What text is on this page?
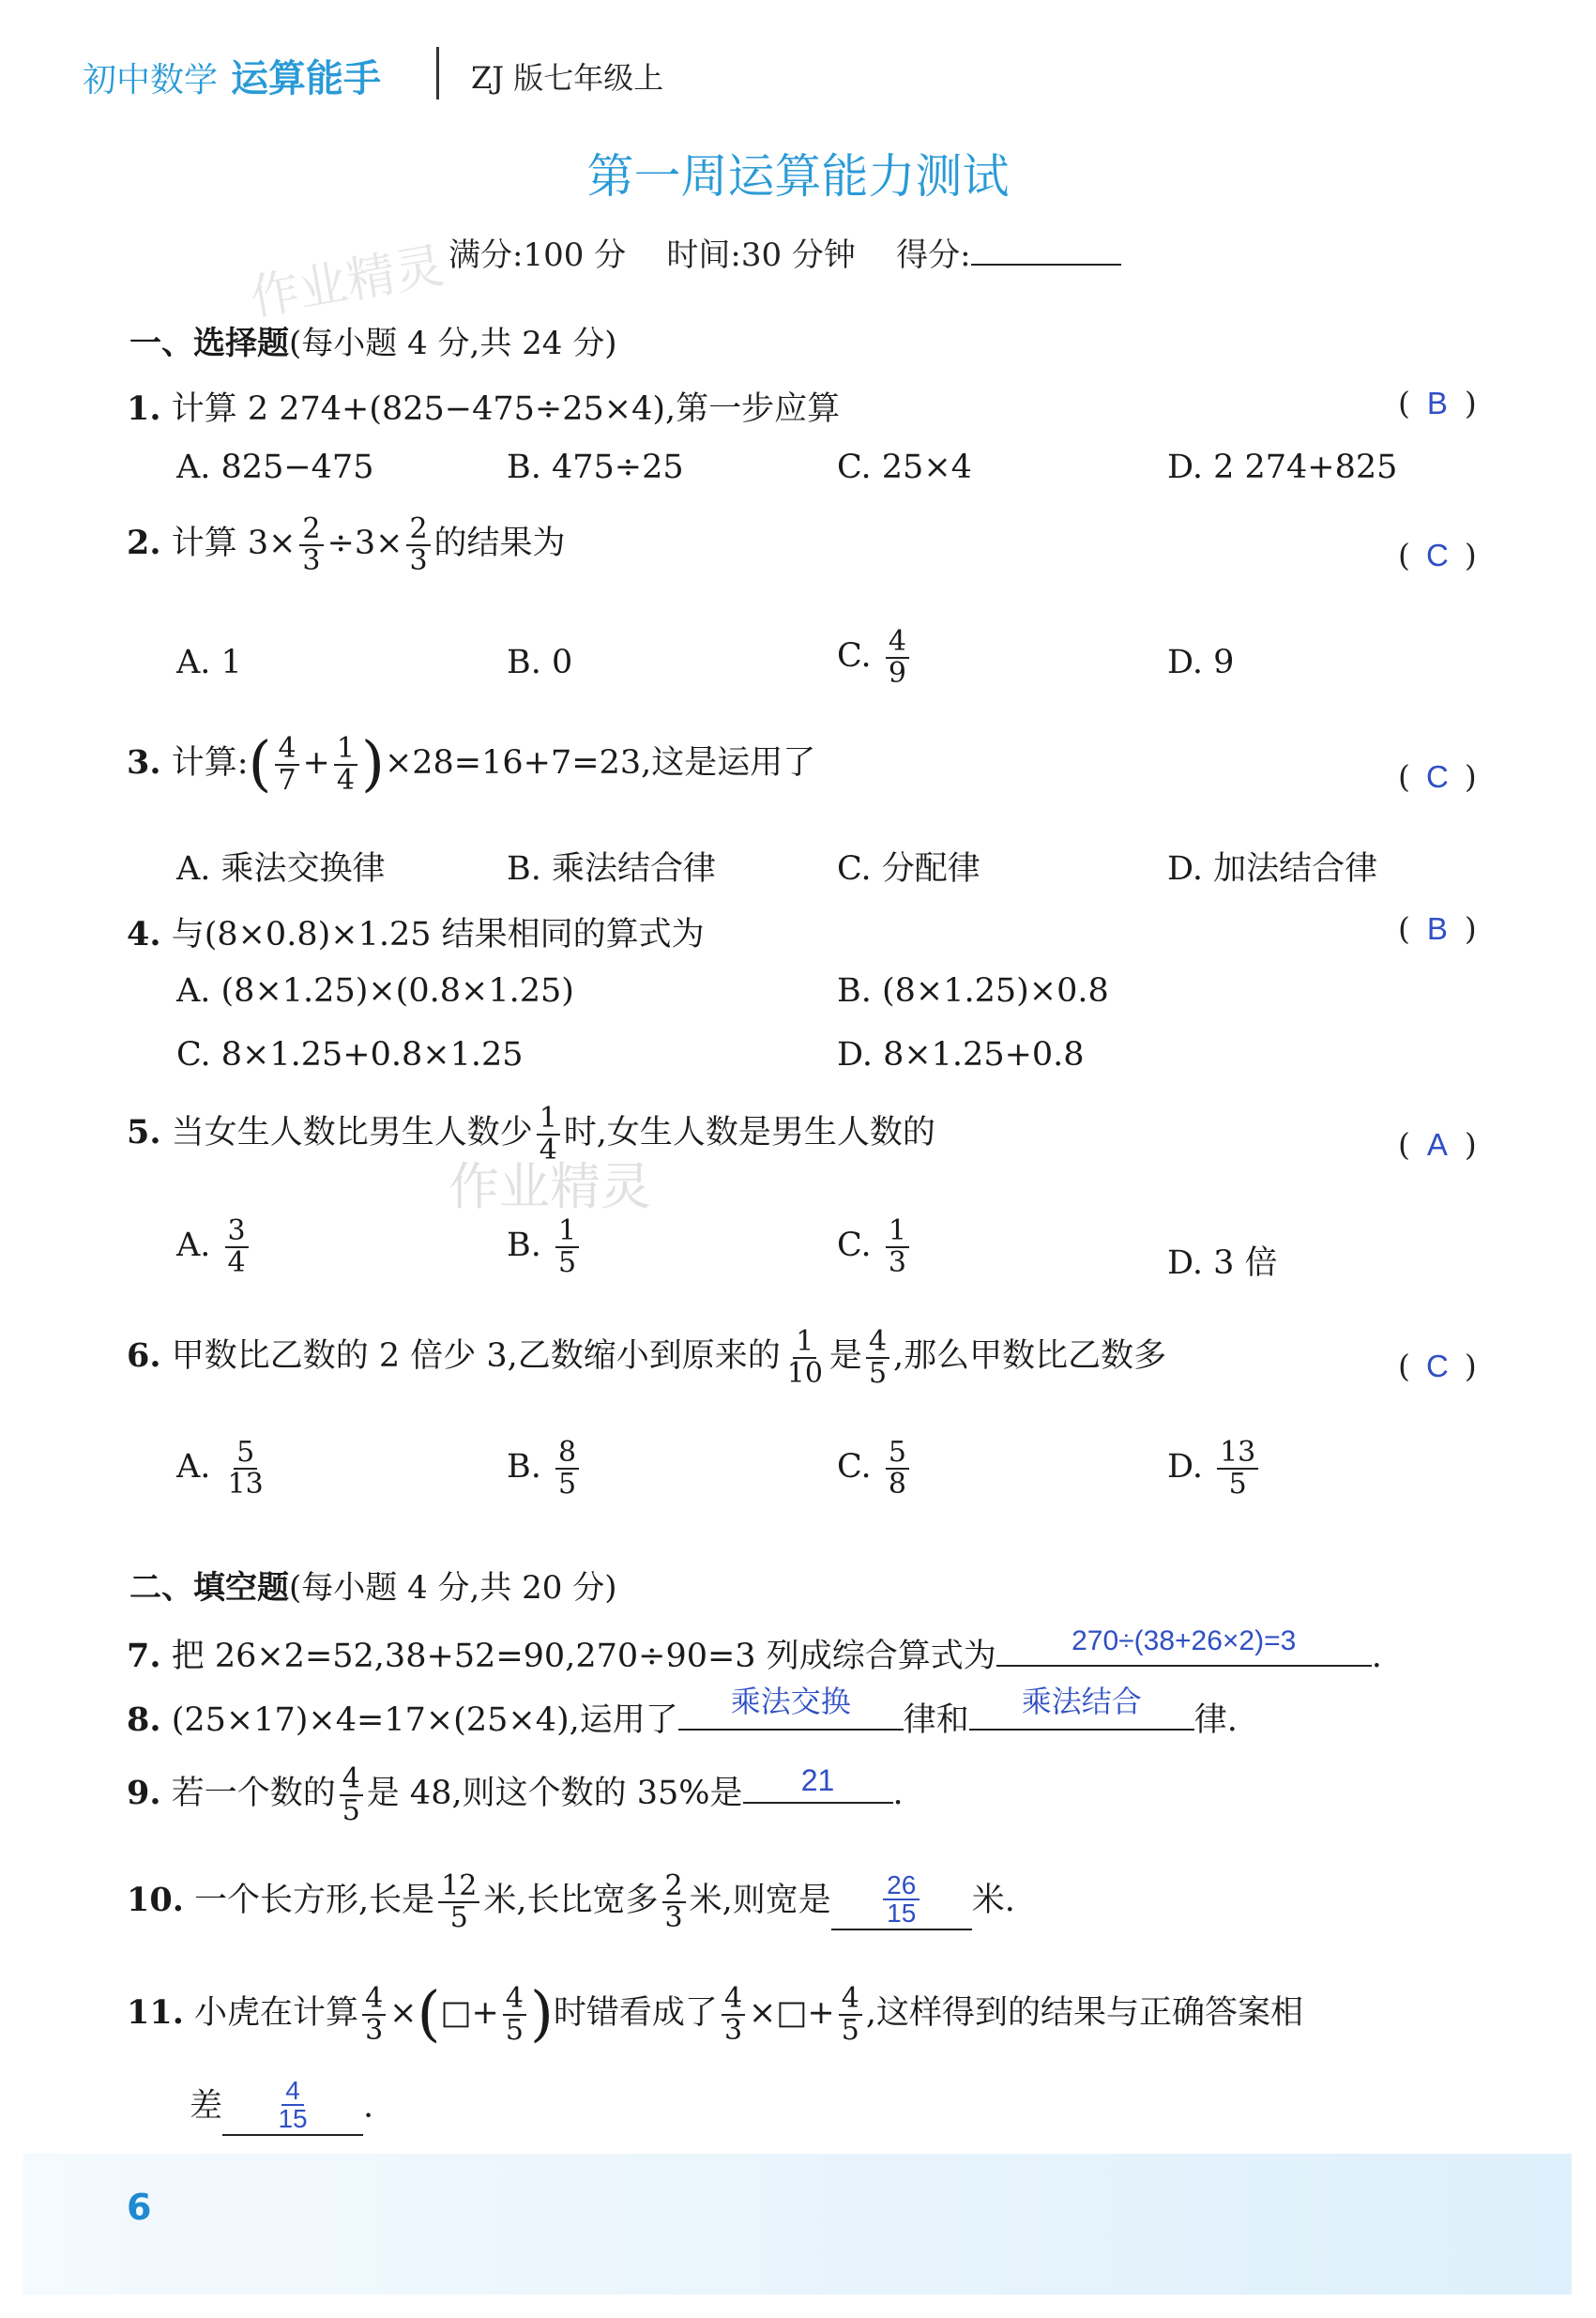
初中数学 运算能手	ZJ 版七年级上
作业精灵
作业精灵
第一周运算能力测试
满分:100 分 时间:30 分钟 得分:
一、选择题(每小题 4 分,共 24 分)
1. 计算 2 274+(825−475÷25×4),第一步应算	( B )
A. 825−475	B. 475÷25	C. 25×4	D. 2 274+825
2. 计算 $3\times \frac{2}{3} \div 3\times \frac{2}{3}$ 的结果为	( C )
A. 1	B. 0	C. $\frac{4}{9}$	D. 9
3. 计算:( $\frac{4}{7} + \frac{1}{4} )\times 28=16+7=23$,这是运用了	( C )
A. 乘法交换律	B. 乘法结合律	C. 分配律	D. 加法结合律
4. 与(8×0.8)×1.25 结果相同的算式为	( B )
A. (8×1.25)×(0.8×1.25)	B. (8×1.25)×0.8
C. 8×1.25+0.8×1.25	D. 8×1.25+0.8
5. 当女生人数比男生人数少 $\frac{1}{4}$ 时,女生人数是男生人数的	( A )
A. $\frac{3}{4}$	B. $\frac{1}{5}$	C. $\frac{1}{3}$	D. 3 倍
6. 甲数比乙数的 2 倍少 3,乙数缩小到原来的 $\frac{1}{10}$ 是 $\frac{4}{5}$ ,那么甲数比乙数多	( C )
A. $\frac{5}{13}$	B. $\frac{8}{5}$	C. $\frac{5}{8}$	D. $\frac{13}{5}$
二、填空题(每小题 4 分,共 20 分)
7. 把 26×2=52,38+52=90,270÷90=3 列成综合算式为	270÷(38+26×2)=3	.
8. (25×17)×4=17×(25×4),运用了	乘法交换	律和	乘法结合	律.
9. 若一个数的 $\frac{4}{5}$ 是 48,则这个数的 35%是	21	.
10. 一个长方形,长是 $\frac{12}{5}$ 米,长比宽多 $\frac{2}{3}$ 米,则宽是 26
15 米.
11. 小虎在计算 $\frac{4}{3}$ ×(□+ $\frac{4}{5}$ )时错看成了 $\frac{4}{3}$ ×□+ $\frac{4}{5}$ ,这样得到的结果与正确答案相
差 4
15 .
6
